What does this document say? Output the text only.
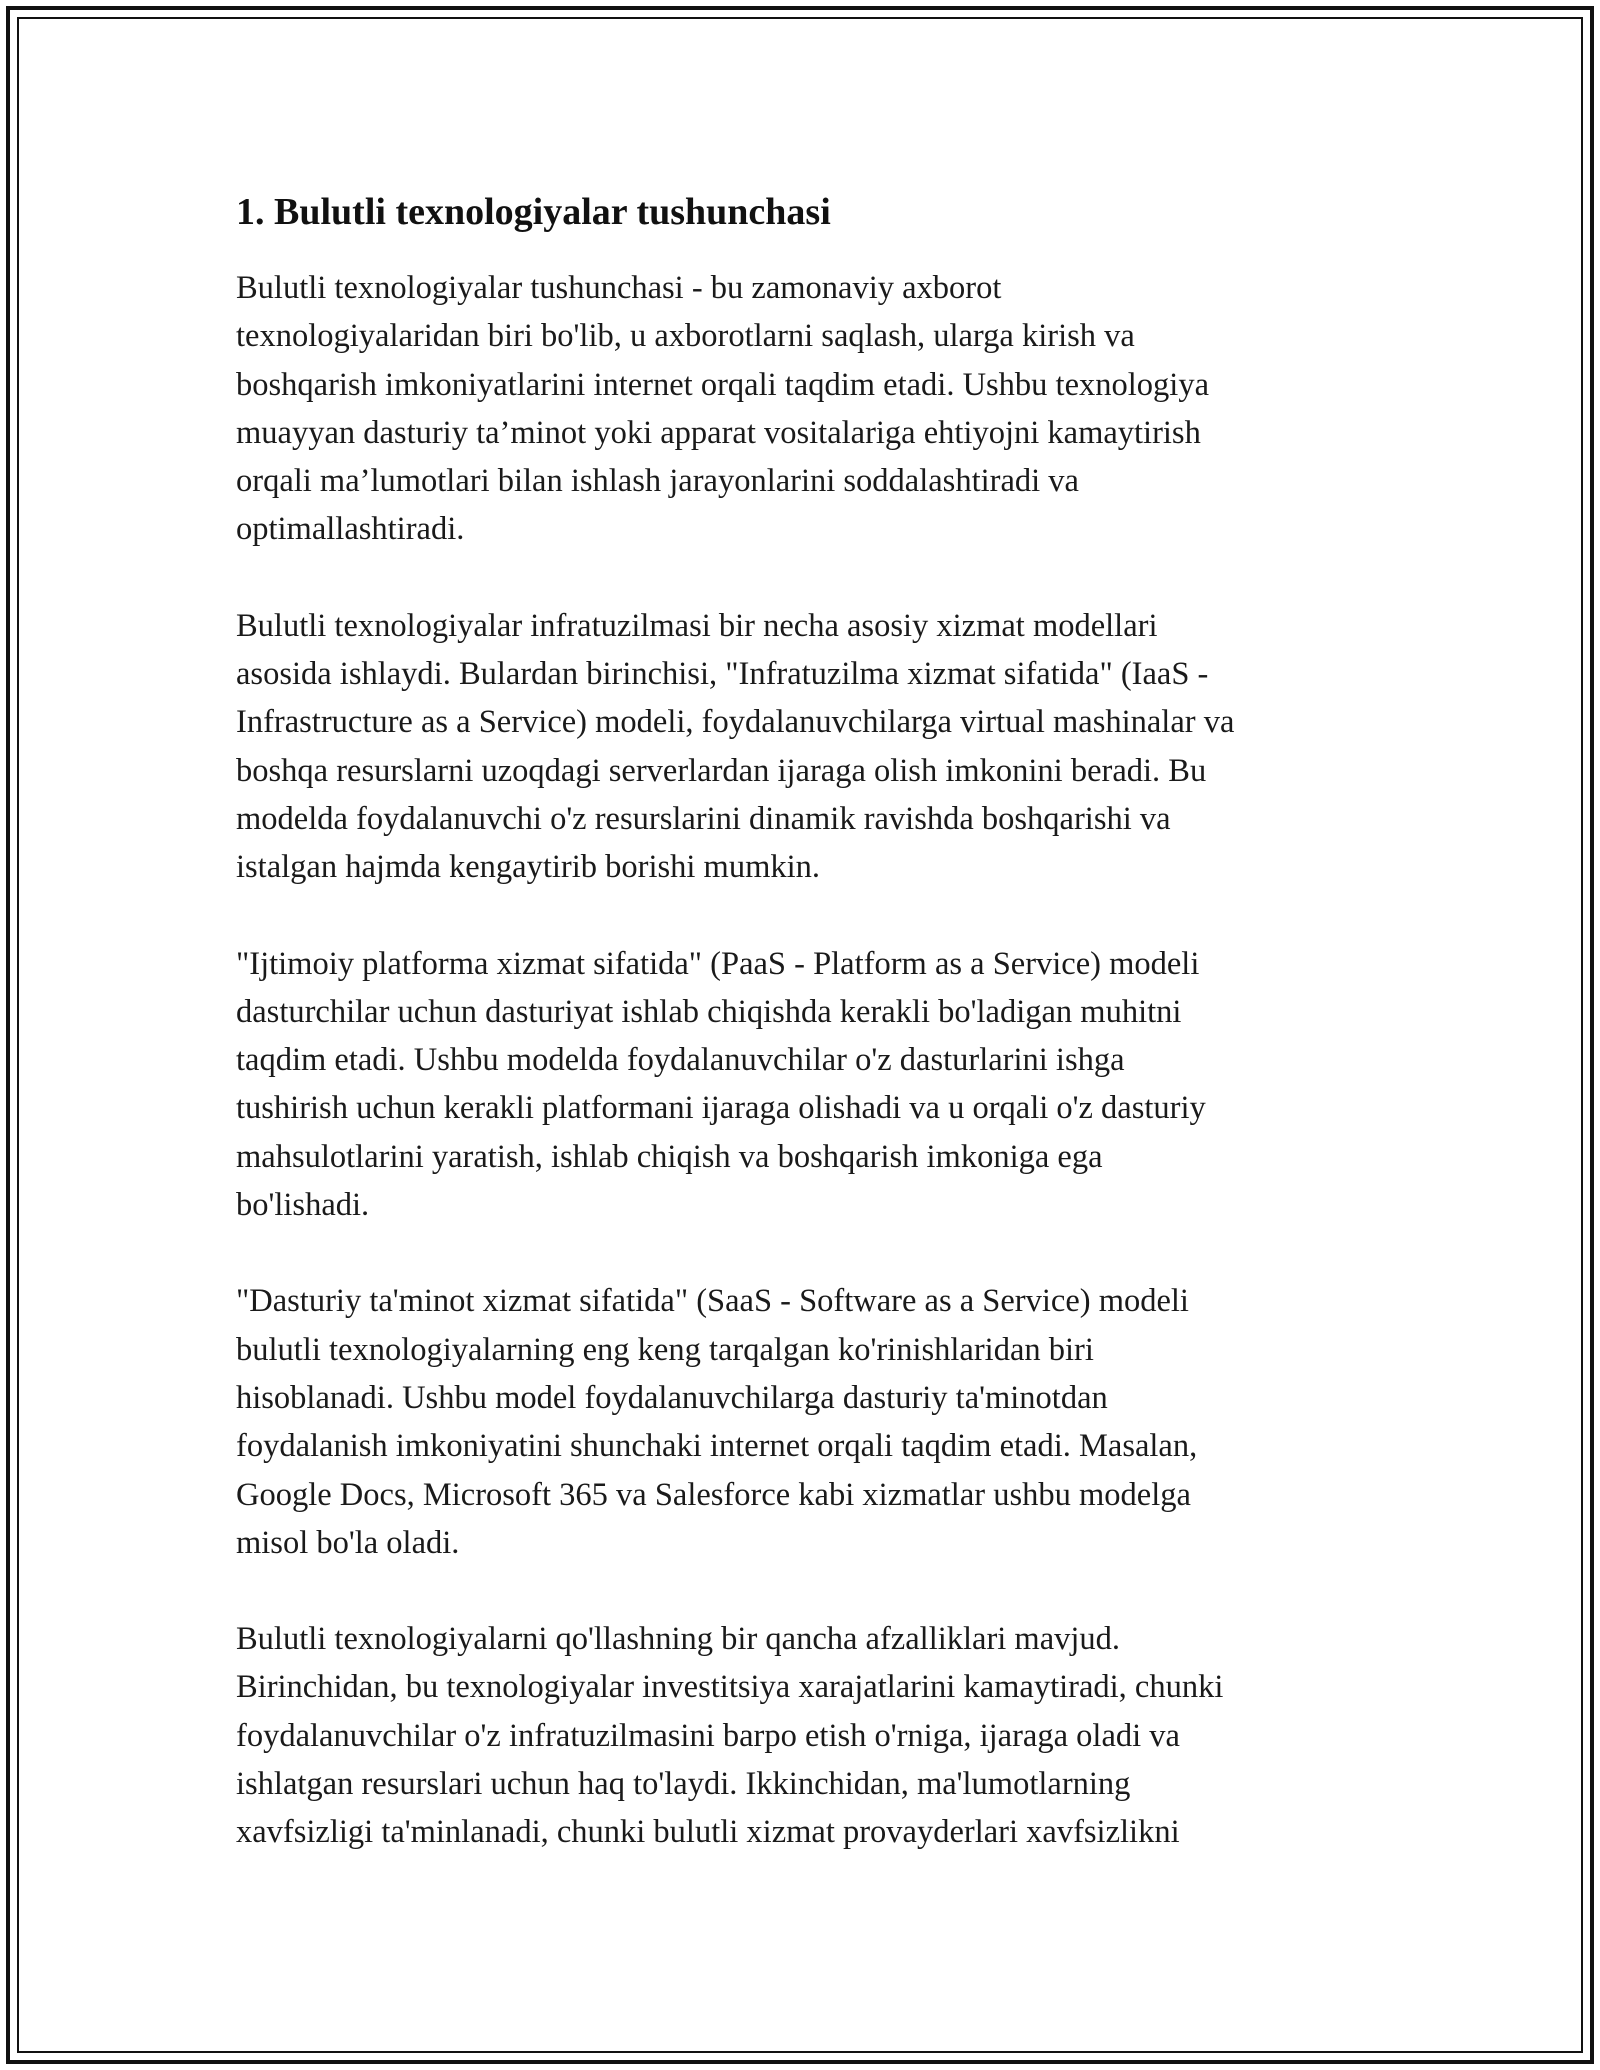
1. Bulutli texnologiyalar tushunchasi

Bulutli texnologiyalar tushunchasi - bu zamonaviy axborot
texnologiyalaridan biri bo'lib, u axborotlarni saqlash, ularga kirish va
boshqarish imkoniyatlarini internet orqali taqdim etadi. Ushbu texnologiya
muayyan dasturiy ta’minot yoki apparat vositalariga ehtiyojni kamaytirish
orqali ma’lumotlari bilan ishlash jarayonlarini soddalashtiradi va
optimallashtiradi.

Bulutli texnologiyalar infratuzilmasi bir necha asosiy xizmat modellari
asosida ishlaydi. Bulardan birinchisi, "Infratuzilma xizmat sifatida" (IaaS -
Infrastructure as a Service) modeli, foydalanuvchilarga virtual mashinalar va
boshqa resurslarni uzoqdagi serverlardan ijaraga olish imkonini beradi. Bu
modelda foydalanuvchi o'z resurslarini dinamik ravishda boshqarishi va
istalgan hajmda kengaytirib borishi mumkin.

"Ijtimoiy platforma xizmat sifatida" (PaaS - Platform as a Service) modeli
dasturchilar uchun dasturiyat ishlab chiqishda kerakli bo'ladigan muhitni
taqdim etadi. Ushbu modelda foydalanuvchilar o'z dasturlarini ishga
tushirish uchun kerakli platformani ijaraga olishadi va u orqali o'z dasturiy
mahsulotlarini yaratish, ishlab chiqish va boshqarish imkoniga ega
bo'lishadi.

"Dasturiy ta'minot xizmat sifatida" (SaaS - Software as a Service) modeli
bulutli texnologiyalarning eng keng tarqalgan ko'rinishlaridan biri
hisoblanadi. Ushbu model foydalanuvchilarga dasturiy ta'minotdan
foydalanish imkoniyatini shunchaki internet orqali taqdim etadi. Masalan,
Google Docs, Microsoft 365 va Salesforce kabi xizmatlar ushbu modelga
misol bo'la oladi.

Bulutli texnologiyalarni qo'llashning bir qancha afzalliklari mavjud.
Birinchidan, bu texnologiyalar investitsiya xarajatlarini kamaytiradi, chunki
foydalanuvchilar o'z infratuzilmasini barpo etish o'rniga, ijaraga oladi va
ishlatgan resurslari uchun haq to'laydi. Ikkinchidan, ma'lumotlarning
xavfsizligi ta'minlanadi, chunki bulutli xizmat provayderlari xavfsizlikni
